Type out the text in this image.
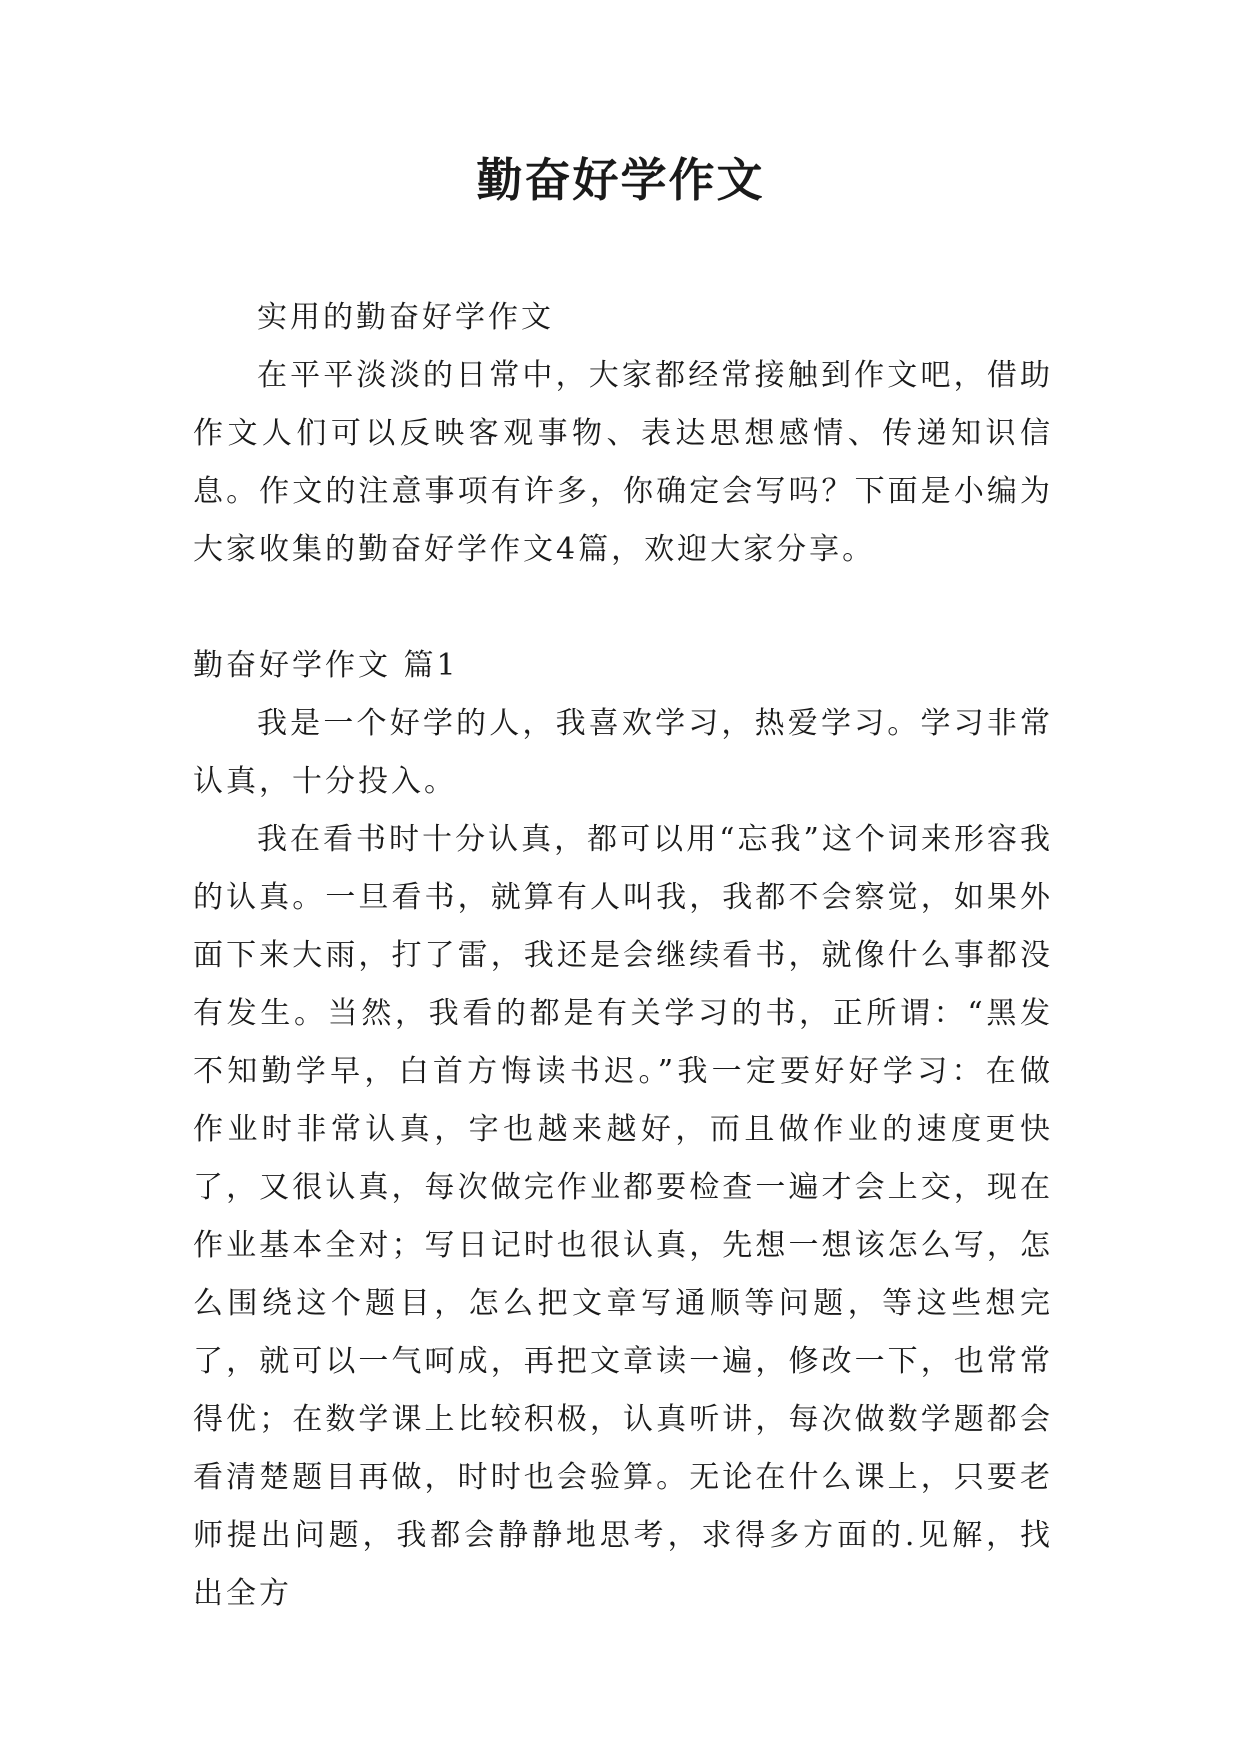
勤奋好学作文

实用的勤奋好学作文

在平平淡淡的日常中，大家都经常接触到作文吧，借助作文人们可以反映客观事物、表达思想感情、传递知识信息。作文的注意事项有许多，你确定会写吗？下面是小编为大家收集的勤奋好学作文4篇，欢迎大家分享。

勤奋好学作文 篇1

我是一个好学的人，我喜欢学习，热爱学习。学习非常认真，十分投入。

我在看书时十分认真，都可以用“忘我”这个词来形容我的认真。一旦看书，就算有人叫我，我都不会察觉，如果外面下来大雨，打了雷，我还是会继续看书，就像什么事都没有发生。当然，我看的都是有关学习的书，正所谓：“黑发不知勤学早，白首方悔读书迟。”我一定要好好学习：在做作业时非常认真，字也越来越好，而且做作业的速度更快了，又很认真，每次做完作业都要检查一遍才会上交，现在作业基本全对；写日记时也很认真，先想一想该怎么写，怎么围绕这个题目，怎么把文章写通顺等问题，等这些想完了，就可以一气呵成，再把文章读一遍，修改一下，也常常得优；在数学课上比较积极，认真听讲，每次做数学题都会看清楚题目再做，时时也会验算。无论在什么课上，只要老师提出问题，我都会静静地思考，求得多方面的.见解，找出全方
